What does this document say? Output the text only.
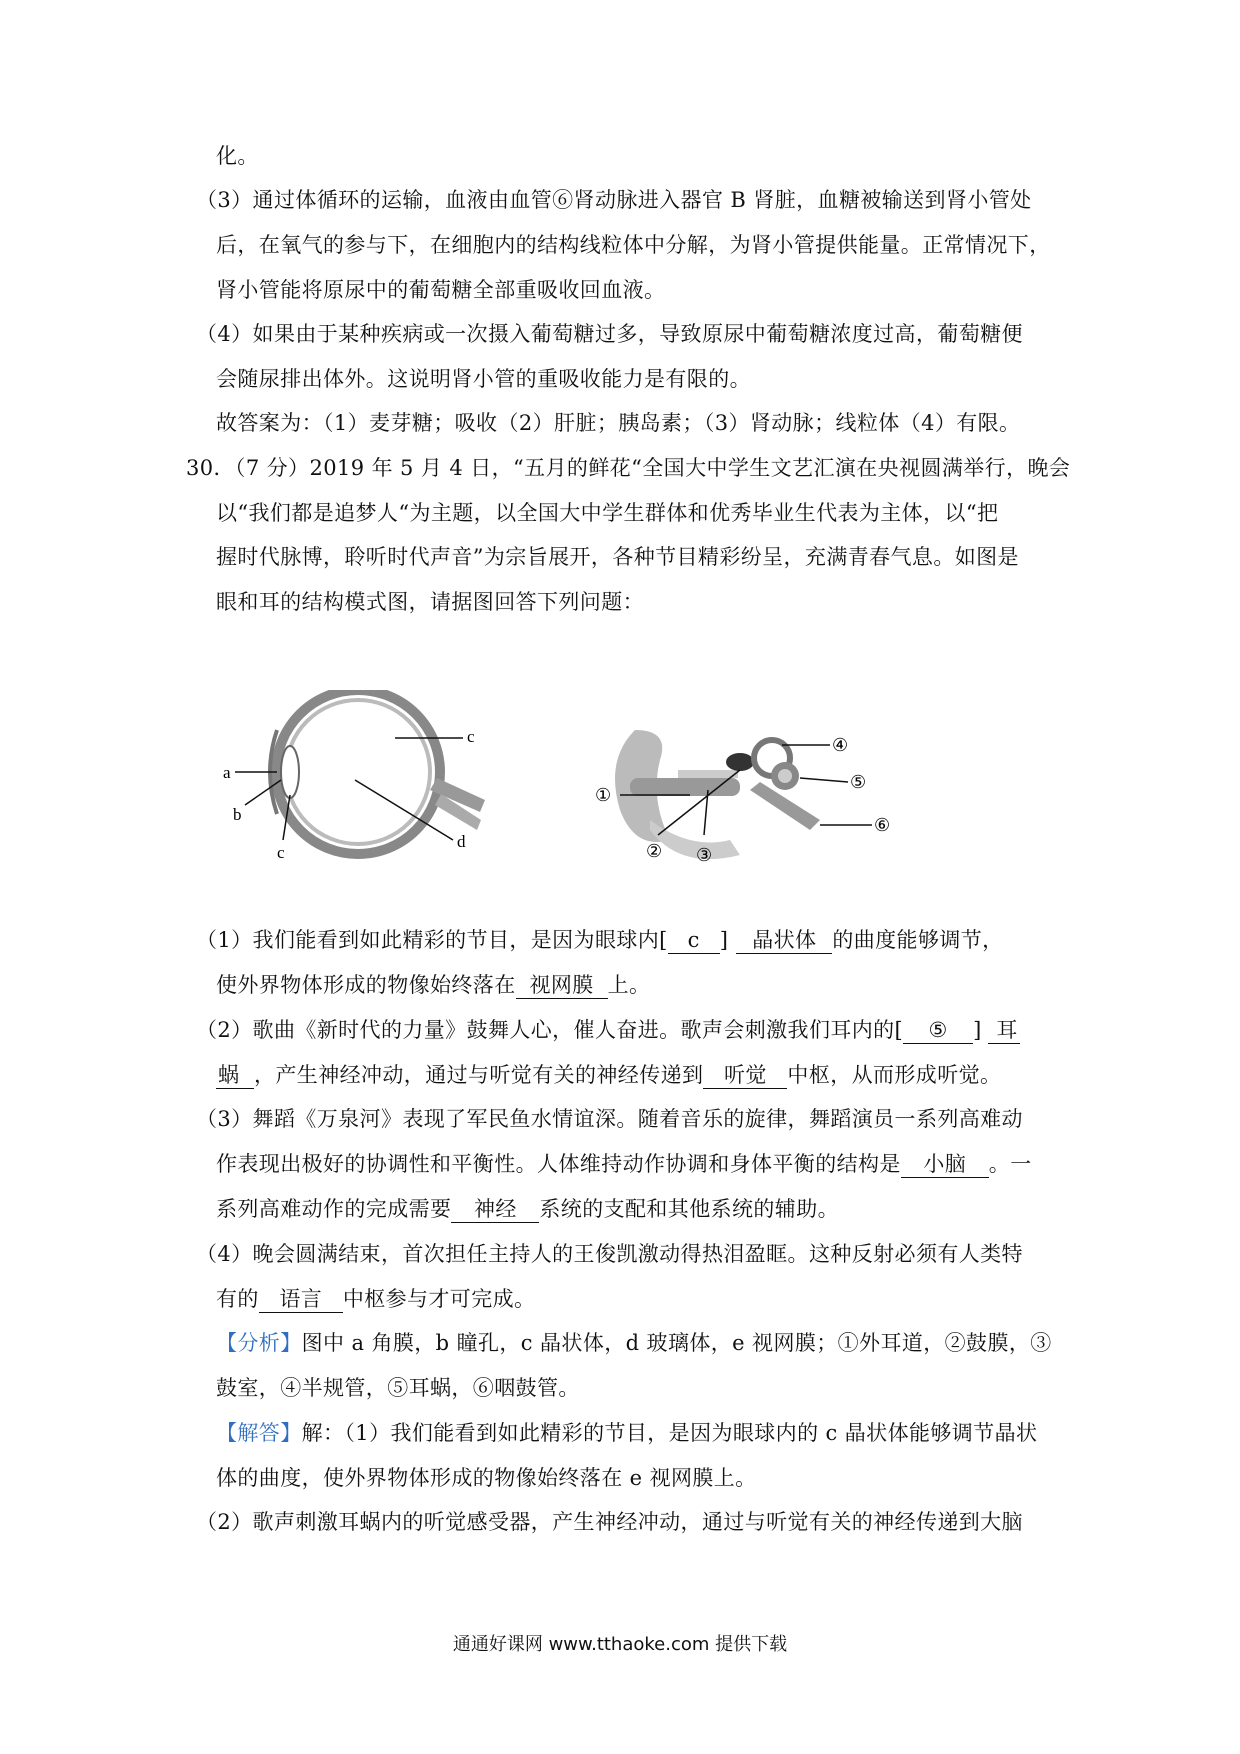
化。
（3）通过体循环的运输，血液由血管⑥肾动脉进入器官 B 肾脏，血糖被输送到肾小管处
后，在氧气的参与下，在细胞内的结构线粒体中分解，为肾小管提供能量。正常情况下，
肾小管能将原尿中的葡萄糖全部重吸收回血液。
（4）如果由于某种疾病或一次摄入葡萄糖过多，导致原尿中葡萄糖浓度过高，葡萄糖便
会随尿排出体外。这说明肾小管的重吸收能力是有限的。
故答案为：（1）麦芽糖；吸收（2）肝脏；胰岛素；（3）肾动脉；线粒体（4）有限。
30．（7 分）2019 年 5 月 4 日，“五月的鲜花“全国大中学生文艺汇演在央视圆满举行，晚会
以“我们都是追梦人“为主题，以全国大中学生群体和优秀毕业生代表为主体，以“把
握时代脉博，聆听时代声音”为宗旨展开，各种节目精彩纷呈，充满青春气息。如图是
眼和耳的结构模式图，请据图回答下列问题：
a
b
c
c
d
①
② ③
④
⑤
⑥
（1）我们能看到如此精彩的节目，是因为眼球内[ c ] 晶状体 的曲度能够调节，
使外界物体形成的物像始终落在 视网膜 上。
（2）歌曲《新时代的力量》鼓舞人心，催人奋进。歌声会刺激我们耳内的[ ⑤ ] 耳
蜗 ，产生神经冲动，通过与听觉有关的神经传递到 听觉 中枢，从而形成听觉。
（3）舞蹈《万泉河》表现了军民鱼水情谊深。随着音乐的旋律，舞蹈演员一系列高难动
作表现出极好的协调性和平衡性。人体维持动作协调和身体平衡的结构是 小脑 。一
系列高难动作的完成需要 神经 系统的支配和其他系统的辅助。
（4）晚会圆满结束，首次担任主持人的王俊凯激动得热泪盈眶。这种反射必须有人类特
有的 语言 中枢参与才可完成。
【分析】图中 a 角膜，b 瞳孔，c 晶状体，d 玻璃体，e 视网膜；①外耳道，②鼓膜，③
鼓室，④半规管，⑤耳蜗，⑥咽鼓管。
【解答】解：（1）我们能看到如此精彩的节目，是因为眼球内的 c 晶状体能够调节晶状
体的曲度，使外界物体形成的物像始终落在 e 视网膜上。
（2）歌声刺激耳蜗内的听觉感受器，产生神经冲动，通过与听觉有关的神经传递到大脑
通通好课网 www.tthaoke.com 提供下载
